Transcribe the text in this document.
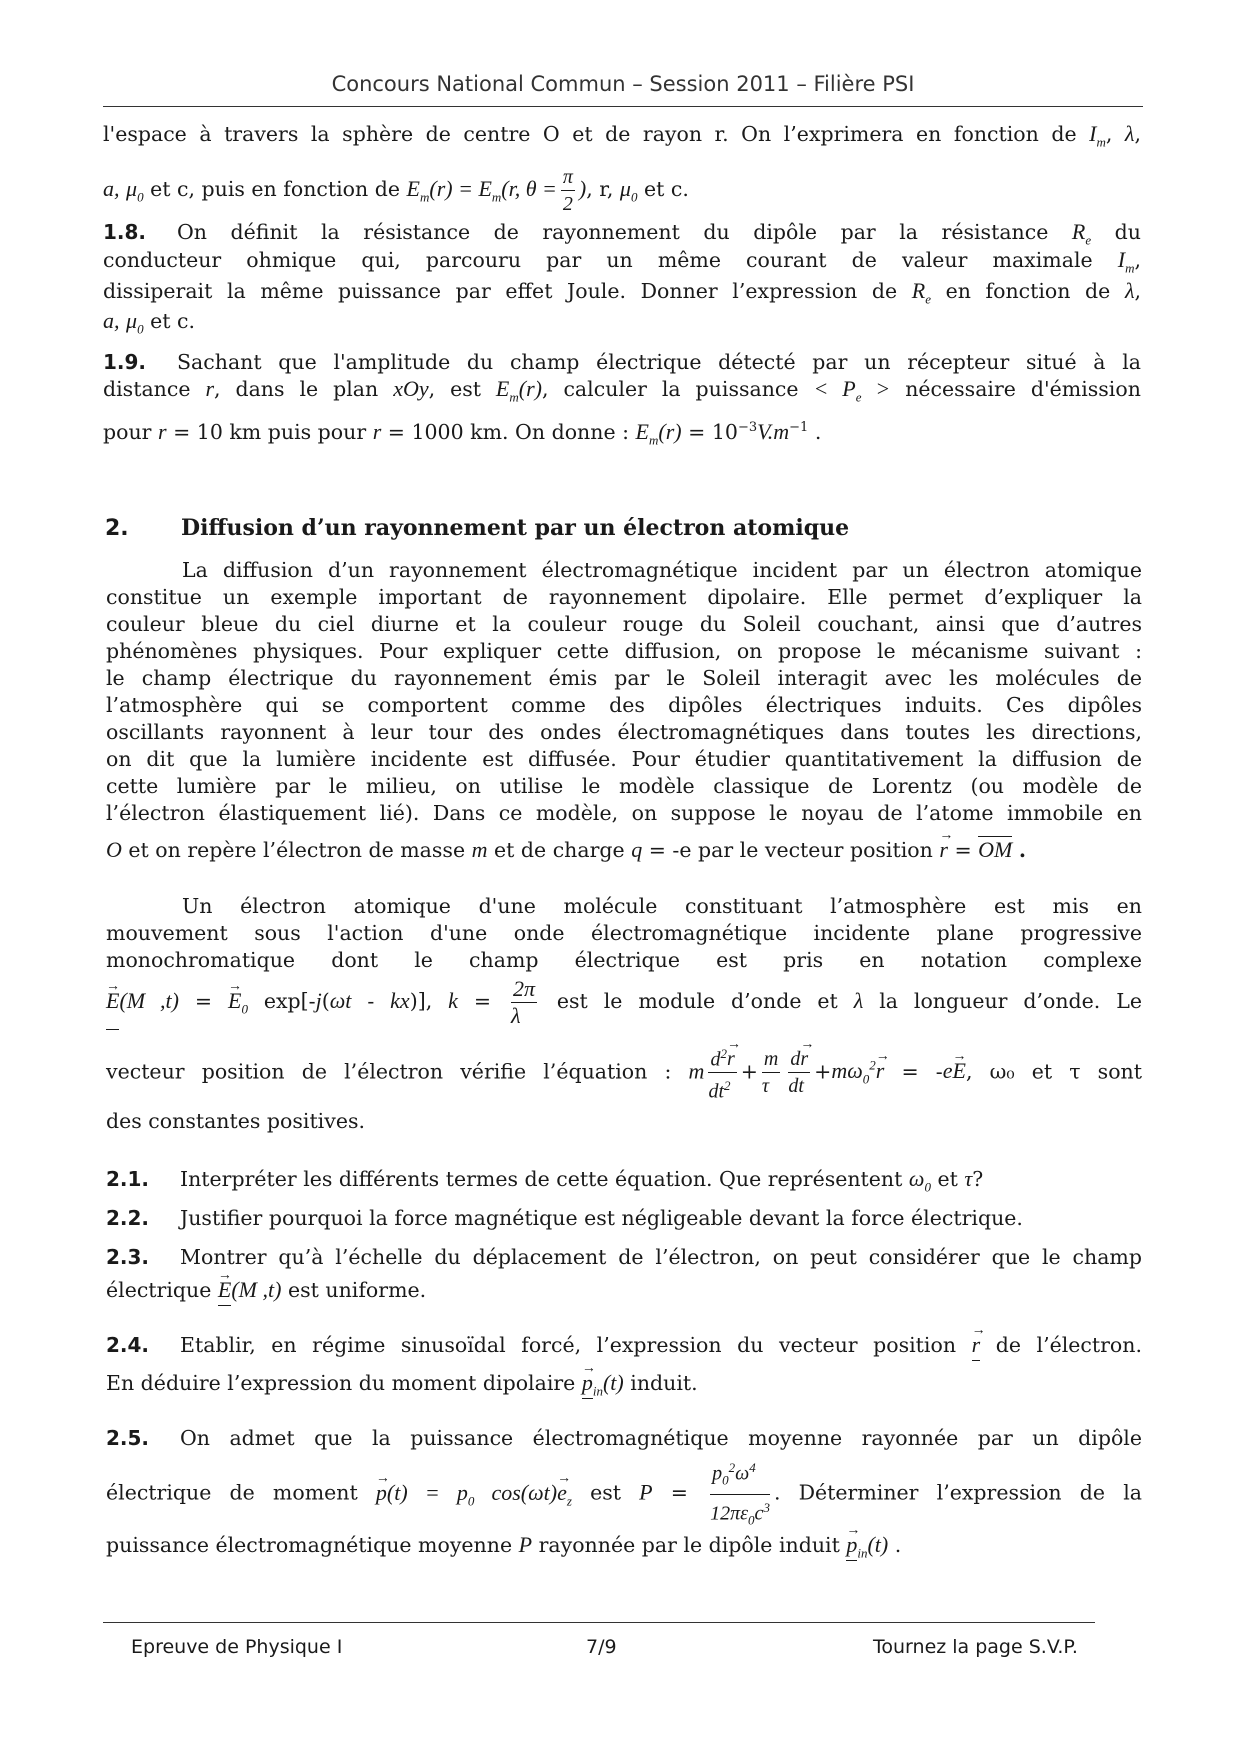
Concours National Commun – Session 2011 – Filière PSI
l'espace à travers la sphère de centre O et de rayon r. On l’exprimera en fonction de $I_m$, λ,
a, $\mu_0$ et c, puis en fonction de $E_m(r) = E_m(r$, $\theta = \frac{\pi}{2}$ ), r, $\mu_0$ et c.
1.8. On définit la résistance de rayonnement du dipôle par la résistance $R_e$ du
conducteur ohmique qui, parcouru par un même courant de valeur maximale $I_m$,
dissiperait la même puissance par effet Joule. Donner l’expression de $R_e$ en fonction de λ,
a, $\mu_0$ et c.
1.9. Sachant que l'amplitude du champ électrique détecté par un récepteur situé à la
distance r, dans le plan xOy, est $E_m(r)$, calculer la puissance < $P_e$ > nécessaire d'émission
pour r = 10 km puis pour r = 1000 km. On donne : $E_m(r) = 10^{-3}V.m^{-1}$ .
2. Diffusion d’un rayonnement par un électron atomique
La diffusion d’un rayonnement électromagnétique incident par un électron atomique
constitue un exemple important de rayonnement dipolaire. Elle permet d’expliquer la
couleur bleue du ciel diurne et la couleur rouge du Soleil couchant, ainsi que d’autres
phénomènes physiques. Pour expliquer cette diffusion, on propose le mécanisme suivant :
le champ électrique du rayonnement émis par le Soleil interagit avec les molécules de
l’atmosphère qui se comportent comme des dipôles électriques induits. Ces dipôles
oscillants rayonnent à leur tour des ondes électromagnétiques dans toutes les directions,
on dit que la lumière incidente est diffusée. Pour étudier quantitativement la diffusion de
cette lumière par le milieu, on utilise le modèle classique de Lorentz (ou modèle de
l’électron élastiquement lié). Dans ce modèle, on suppose le noyau de l’atome immobile en
O et on repère l’électron de masse m et de charge q = -e par le vecteur position → r = OM .
Un électron atomique d'une molécule constituant l’atmosphère est mis en
mouvement sous l'action d'une onde électromagnétique incidente plane progressive
monochromatique dont le champ électrique est pris en notation complexe
→ E(M ,t) = → $E_0$ exp[-j(ωt - kx)], $k = \frac{2\pi}{\lambda}$ est le module d’onde et λ la longueur d’onde. Le
vecteur position de l’électron vérifie l’équation : m $\frac{d^2\to r}{dt^2} + \frac{m}{\tau} \frac{d\to r}{dt} +m\omega_0^2\to r = -e\to E$, ω₀ et τ sont
des constantes positives.
2.1. Interpréter les différents termes de cette équation. Que représentent $\omega_0$ et τ?
2.2. Justifier pourquoi la force magnétique est négligeable devant la force électrique.
2.3. Montrer qu’à l’échelle du déplacement de l’électron, on peut considérer que le champ
électrique → E(M ,t) est uniforme.
2.4. Etablir, en régime sinusoïdal forcé, l’expression du vecteur position → r de l’électron.
En déduire l’expression du moment dipolaire → $p_{in}(t)$ induit.
2.5. On admet que la puissance électromagnétique moyenne rayonnée par un dipôle
électrique de moment → $p(t) = p_0$ $\cos(\omega t)\to e_z$ est $P = \frac{p_0^2\omega^4}{12\pi\varepsilon_0c^3}$ . Déterminer l’expression de la
puissance électromagnétique moyenne P rayonnée par le dipôle induit → $p_{in}(t)$ .
Epreuve de Physique I	7/9	Tournez la page S.V.P.
